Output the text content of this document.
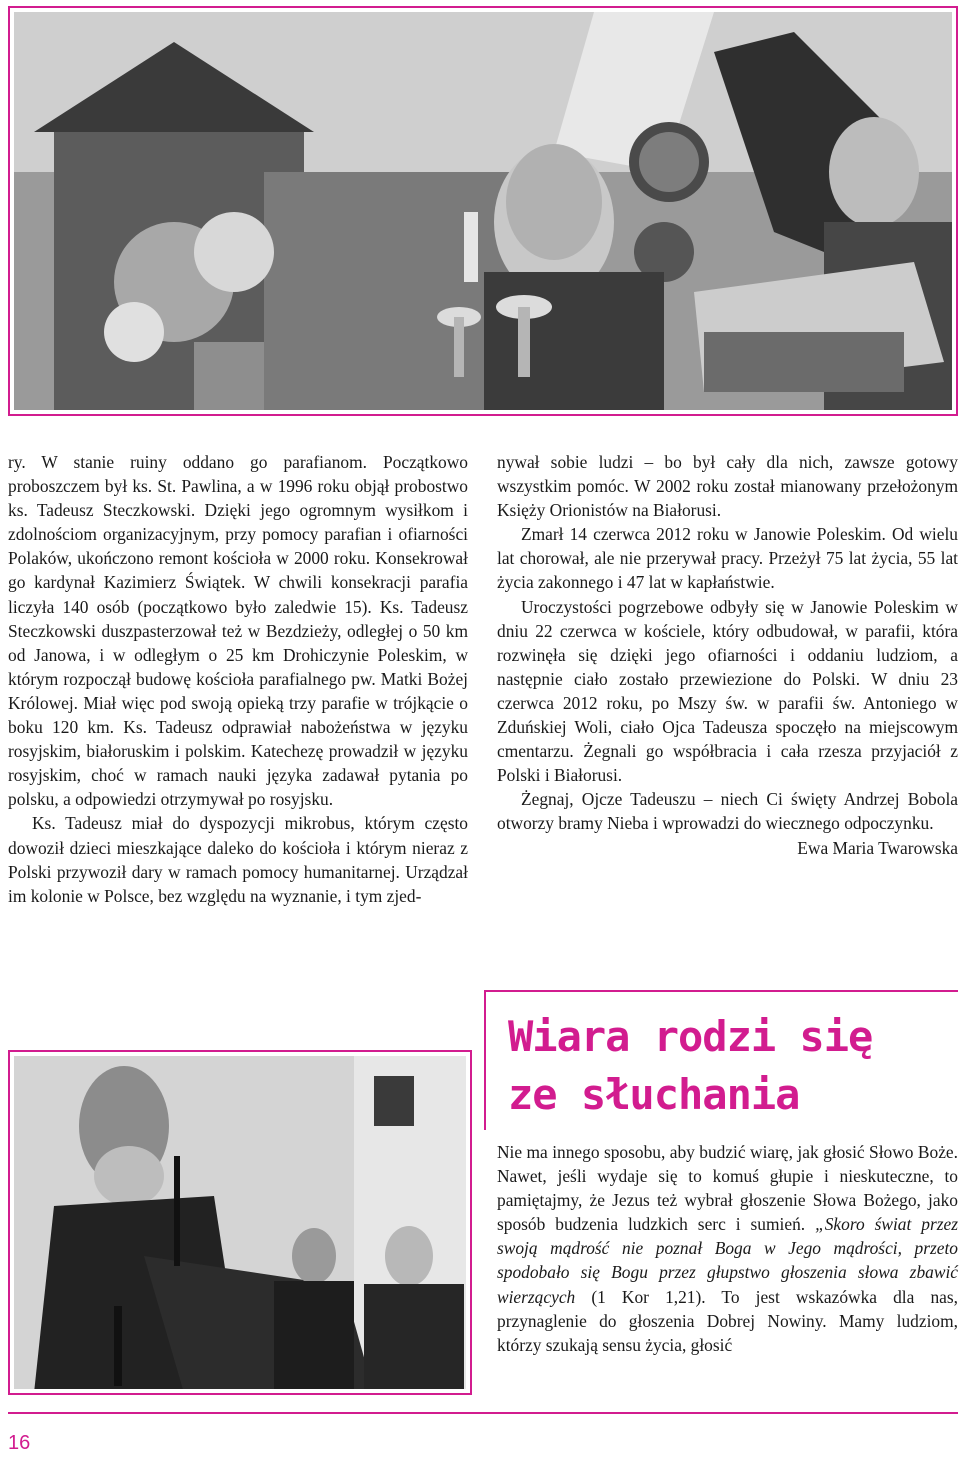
ry. W stanie ruiny oddano go parafianom. Początkowo proboszczem był ks. St. Pawlina, a w 1996 roku objął probostwo ks. Tadeusz Steczkowski. Dzięki jego ogromnym wysiłkom i zdolnościom organizacyjnym, przy pomocy parafian i ofiarności Polaków, ukończono remont kościoła w 2000 roku. Konsekrował go kardynał Kazimierz Świątek. W chwili konsekracji parafia liczyła 140 osób (początkowo było zaledwie 15). Ks. Tadeusz Steczkowski duszpasterzował też w Bezdzieży, odległej o 50 km od Janowa, i w odległym o 25 km Drohiczynie Poleskim, w którym rozpoczął budowę kościoła parafialnego pw. Matki Bożej Królowej. Miał więc pod swoją opieką trzy parafie w trójkącie o boku 120 km. Ks. Tadeusz odprawiał nabożeństwa w języku rosyjskim, białoruskim i polskim. Katechezę prowadził w języku rosyjskim, choć w ramach nauki języka zadawał pytania po polsku, a odpowiedzi otrzymywał po rosyjsku.

Ks. Tadeusz miał do dyspozycji mikrobus, którym często dowoził dzieci mieszkające daleko do kościoła i którym nieraz z Polski przywoził dary w ramach pomocy humanitarnej. Urządzał im kolonie w Polsce, bez względu na wyznanie, i tym zjed-

nywał sobie ludzi – bo był cały dla nich, zawsze gotowy wszystkim pomóc. W 2002 roku został mianowany przełożonym Księży Orionistów na Białorusi.

Zmarł 14 czerwca 2012 roku w Janowie Poleskim. Od wielu lat chorował, ale nie przerywał pracy. Przeżył 75 lat życia, 55 lat życia zakonnego i 47 lat w kapłaństwie.

Uroczystości pogrzebowe odbyły się w Janowie Poleskim w dniu 22 czerwca w kościele, który odbudował, w parafii, która rozwinęła się dzięki jego ofiarności i oddaniu ludziom, a następnie ciało zostało przewiezione do Polski. W dniu 23 czerwca 2012 roku, po Mszy św. w parafii św. Antoniego w Zduńskiej Woli, ciało Ojca Tadeusza spoczęło na miejscowym cmentarzu. Żegnali go współbracia i cała rzesza przyjaciół z Polski i Białorusi.

Żegnaj, Ojcze Tadeuszu – niech Ci święty Andrzej Bobola otworzy bramy Nieba i wprowadzi do wiecznego odpoczynku.

Ewa Maria Twarowska

Wiara rodzi się
ze słuchania

Nie ma innego sposobu, aby budzić wiarę, jak głosić Słowo Boże. Nawet, jeśli wydaje się to komuś głupie i nieskuteczne, to pamiętajmy, że Jezus też wybrał głoszenie Słowa Bożego, jako sposób budzenia ludzkich serc i sumień. „Skoro świat przez swoją mądrość nie poznał Boga w Jego mądrości, przeto spodobało się Bogu przez głupstwo głoszenia słowa zbawić wierzących (1 Kor 1,21). To jest wskazówka dla nas, przynaglenie do głoszenia Dobrej Nowiny. Mamy ludziom, którzy szukają sensu życia, głosić

16
